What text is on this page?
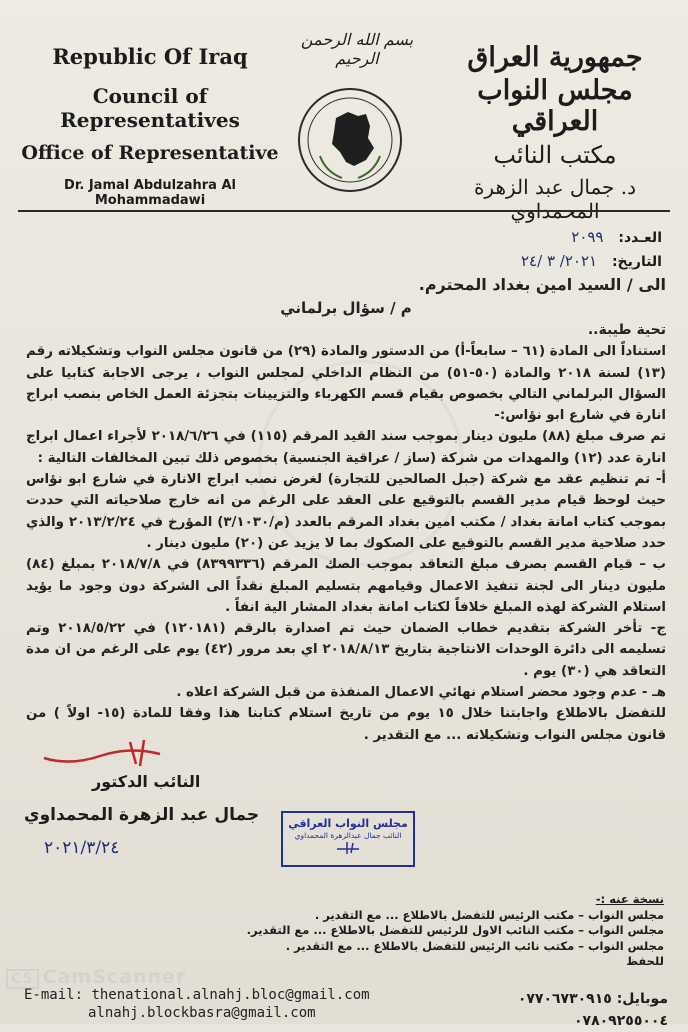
Republic Of Iraq
Council of Representatives
Office of Representative
Dr. Jamal Abdulzahra Al Mohammadawi
بسم الله الرحمن الرحيم	جمهورية العراق
مجلس النواب العراقي
مكتب النائب
د. جمال عبد الزهرة المحمداوي
العـدد: ٢٠٩٩
التاريخ: ٢٠٢١/ ٣ /٢٤
الى / السيد امين بغداد المحترم.
م / سؤال برلماني

تحية طيبة..

استناداً الى المادة (٦١ – سابعاً-أ) من الدستور والمادة (٢٩) من قانون مجلس النواب وتشكيلاته رقم (١٣) لسنة ٢٠١٨ والمادة (٥٠-٥١) من النظام الداخلي لمجلس النواب ، يرجى الاجابة كتابيا على السؤال البرلماني التالي بخصوص بقيام قسم الكهرباء والتزيينات بتجزئة العمل الخاص بنصب ابراج انارة في شارع ابو نؤاس:-

تم صرف مبلغ (٨٨) مليون دينار بموجب سند القيد المرقم (١١٥) في ٢٠١٨/٦/٢٦ لأجراء اعمال ابراج انارة عدد (١٢) والمهدات من شركة (ساز / عراقية الجنسية) بخصوص ذلك تبين المخالفات التالية :

أ- تم تنظيم عقد مع شركة (جبل الصالحين للتجارة) لغرض نصب ابراج الانارة في شارع ابو نؤاس حيث لوحظ قيام مدير القسم بالتوقيع على العقد على الرغم من انه خارج صلاحياته التي حددت بموجب كتاب امانة بغداد / مكتب امين بغداد المرقم بالعدد (م/٣/١٠٣٠) المؤرخ في ٢٠١٣/٢/٢٤ والذي حدد صلاحية مدير القسم بالتوقيع على الصكوك بما لا يزيد عن (٢٠) مليون دينار .

ب – قيام القسم بصرف مبلغ التعاقد بموجب الصك المرقم (٨٣٩٩٣٣٦) في ٢٠١٨/٧/٨ بمبلغ (٨٤) مليون دينار الى لجنة تنفيذ الاعمال وقيامهم بتسليم المبلغ نقداً الى الشركة دون وجود ما يؤيد استلام الشركة لهذه المبلغ خلافاً لكتاب امانة بغداد المشار الية انفاً .

ج- تأخر الشركة بتقديم خطاب الضمان حيث تم اصدارة بالرقم (١٢٠١٨١) في ٢٠١٨/٥/٢٢ وتم تسليمه الى دائرة الوحدات الانتاجية بتاريخ ٢٠١٨/٨/١٣ اي بعد مرور (٤٢) يوم على الرغم من ان مدة التعاقد هي (٣٠) يوم .

هـ - عدم وجود محضر استلام نهائي الاعمال المنفذة من قبل الشركة اعلاه .

للتفضل بالاطلاع واجابتنا خلال ١٥ يوم من تاريخ استلام كتابنا هذا وفقا للمادة (١٥- اولاً ) من قانون مجلس النواب وتشكيلاته ... مع التقدير .

النائب الدكتور
جمال عبد الزهرة المحمداوي
٢٠٢١/٣/٢٤
مجلس النواب العراقي
النائب جمال عبدالزهرة المحمداوي
نسخة عنه :-
مجلس النواب – مكتب الرئيس للتفضل بالاطلاع ... مع التقدير .
مجلس النواب – مكتب النائب الاول للرئيس للتفضل بالاطلاع ... مع التقدير.
مجلس النواب – مكتب نائب الرئيس للتفضل بالاطلاع ... مع التقدير .
للحفظ
CS CamScanner
E-mail: thenational.alnahj.bloc@gmail.com
alnahj.blockbasra@gmail.com
موبايل: ٠٧٧٠٦٧٣٠٩١٥
٠٧٨٠٩٢٥٥٠٠٤
